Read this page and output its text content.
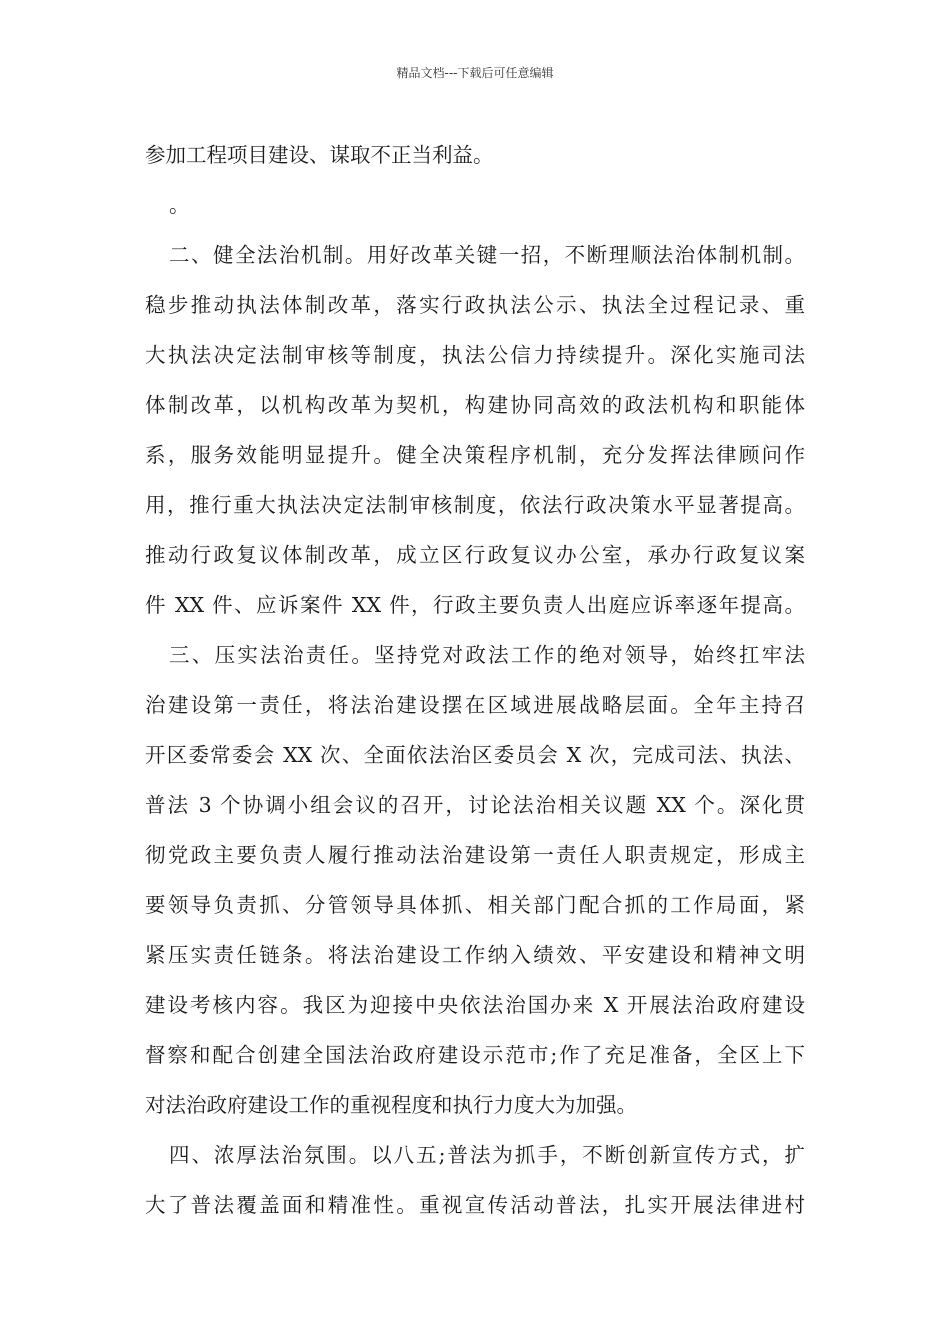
精品文档---下载后可任意编辑
参加工程项目建设、谋取不正当利益。
。
二、健全法治机制。用好改革关键一招，不断理顺法治体制机制。
稳步推动执法体制改革，落实行政执法公示、执法全过程记录、重
大执法决定法制审核等制度，执法公信力持续提升。深化实施司法
体制改革，以机构改革为契机，构建协同高效的政法机构和职能体
系，服务效能明显提升。健全决策程序机制，充分发挥法律顾问作
用，推行重大执法决定法制审核制度，依法行政决策水平显著提高。
推动行政复议体制改革，成立区行政复议办公室，承办行政复议案
件 XX 件、应诉案件 XX 件，行政主要负责人出庭应诉率逐年提高。
三、压实法治责任。坚持党对政法工作的绝对领导，始终扛牢法
治建设第一责任，将法治建设摆在区域进展战略层面。全年主持召
开区委常委会 XX 次、全面依法治区委员会 X 次，完成司法、执法、
普法 3 个协调小组会议的召开，讨论法治相关议题 XX 个。深化贯
彻党政主要负责人履行推动法治建设第一责任人职责规定，形成主
要领导负责抓、分管领导具体抓、相关部门配合抓的工作局面，紧
紧压实责任链条。将法治建设工作纳入绩效、平安建设和精神文明
建设考核内容。我区为迎接中央依法治国办来 X 开展法治政府建设
督察和配合创建全国法治政府建设示范市;作了充足准备，全区上下
对法治政府建设工作的重视程度和执行力度大为加强。
四、浓厚法治氛围。以八五;普法为抓手，不断创新宣传方式，扩
大了普法覆盖面和精准性。重视宣传活动普法，扎实开展法律进村
